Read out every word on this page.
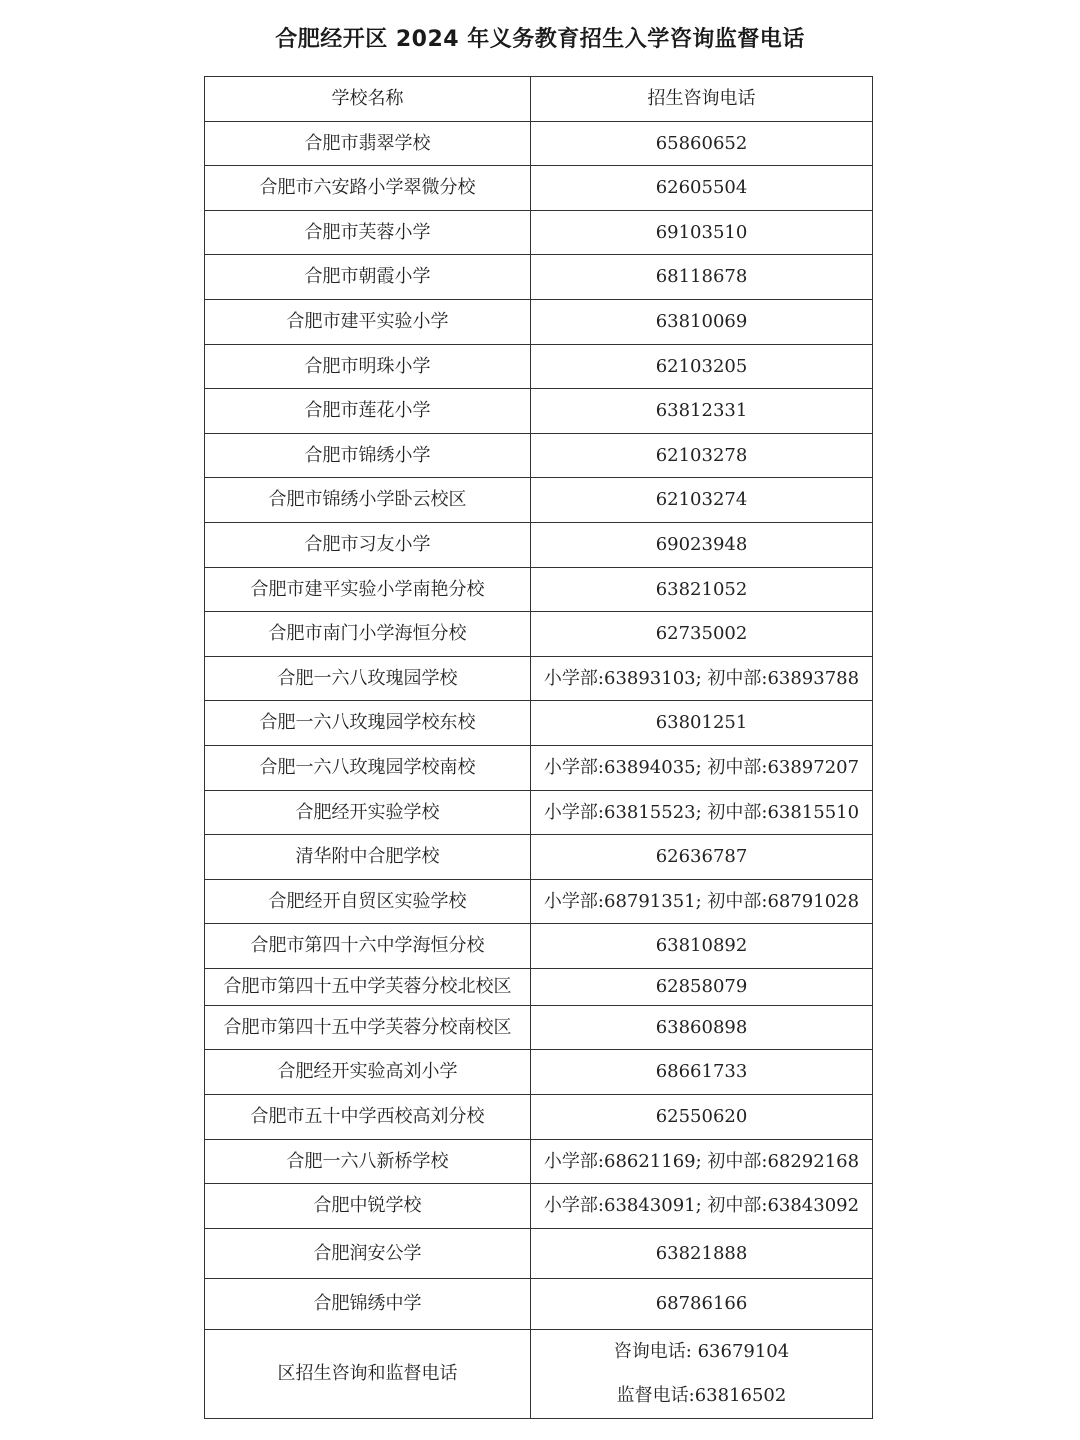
合肥经开区 2024 年义务教育招生入学咨询监督电话
学校名称	招生咨询电话
合肥市翡翠学校	65860652
合肥市六安路小学翠微分校	62605504
合肥市芙蓉小学	69103510
合肥市朝霞小学	68118678
合肥市建平实验小学	63810069
合肥市明珠小学	62103205
合肥市莲花小学	63812331
合肥市锦绣小学	62103278
合肥市锦绣小学卧云校区	62103274
合肥市习友小学	69023948
合肥市建平实验小学南艳分校	63821052
合肥市南门小学海恒分校	62735002
合肥一六八玫瑰园学校	小学部:63893103; 初中部:63893788
合肥一六八玫瑰园学校东校	63801251
合肥一六八玫瑰园学校南校	小学部:63894035; 初中部:63897207
合肥经开实验学校	小学部:63815523; 初中部:63815510
清华附中合肥学校	62636787
合肥经开自贸区实验学校	小学部:68791351; 初中部:68791028
合肥市第四十六中学海恒分校	63810892
合肥市第四十五中学芙蓉分校北校区	62858079
合肥市第四十五中学芙蓉分校南校区	63860898
合肥经开实验高刘小学	68661733
合肥市五十中学西校高刘分校	62550620
合肥一六八新桥学校	小学部:68621169; 初中部:68292168
合肥中锐学校	小学部:63843091; 初中部:63843092
合肥润安公学	63821888
合肥锦绣中学	68786166
区招生咨询和监督电话	咨询电话: 63679104
监督电话:63816502
